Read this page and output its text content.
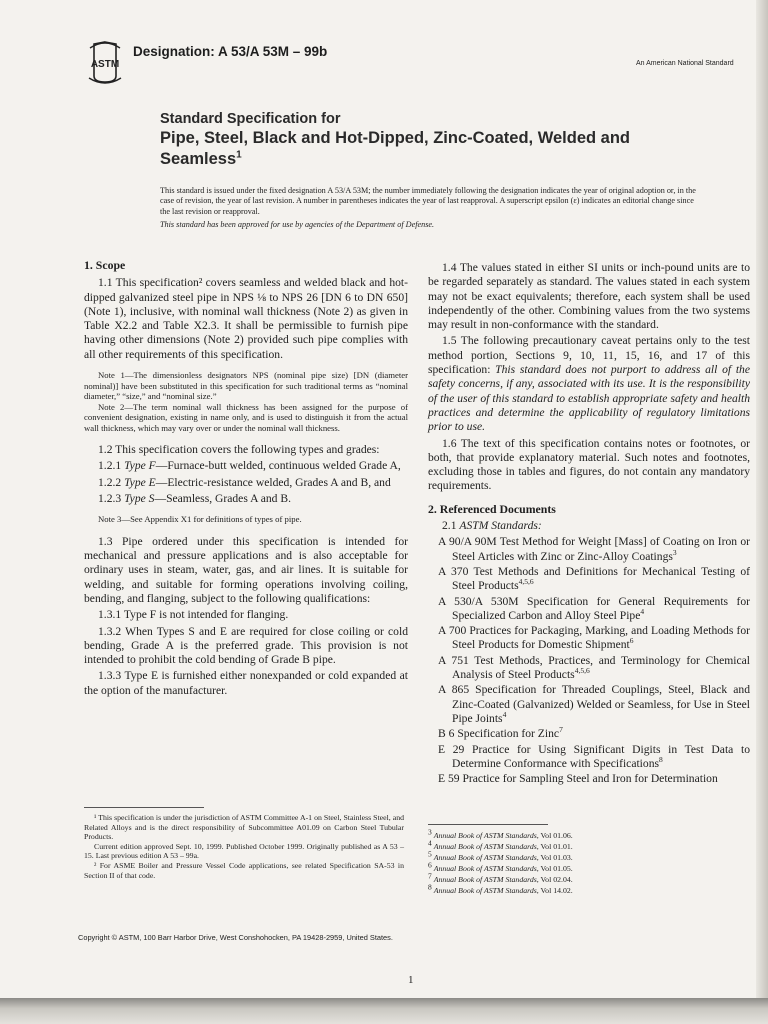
ASTM
Designation: A 53/A 53M – 99b
An American National Standard
Standard Specification for
Pipe, Steel, Black and Hot-Dipped, Zinc-Coated, Welded and
Seamless$^1$
This standard is issued under the fixed designation A 53/A 53M; the number immediately following the designation indicates the year of original adoption or, in the case of revision, the year of last revision. A number in parentheses indicates the year of last reapproval. A superscript epsilon (ε) indicates an editorial change since the last revision or reapproval.
This standard has been approved for use by agencies of the Department of Defense.
1. Scope

1.1 This specification² covers seamless and welded black and hot-dipped galvanized steel pipe in NPS ⅛ to NPS 26 [DN 6 to DN 650] (Note 1), inclusive, with nominal wall thickness (Note 2) as given in Table X2.2 and Table X2.3. It shall be permissible to furnish pipe having other dimensions (Note 2) provided such pipe complies with all other requirements of this specification.

Note 1—The dimensionless designators NPS (nominal pipe size) [DN (diameter nominal)] have been substituted in this specification for such traditional terms as “nominal diameter,” “size,” and “nominal size.”
Note 2—The term nominal wall thickness has been assigned for the purpose of convenient designation, existing in name only, and is used to distinguish it from the actual wall thickness, which may vary over or under the nominal wall thickness.

1.2 This specification covers the following types and grades:

1.2.1 Type F—Furnace-butt welded, continuous welded Grade A,

1.2.2 Type E—Electric-resistance welded, Grades A and B, and

1.2.3 Type S—Seamless, Grades A and B.

Note 3—See Appendix X1 for definitions of types of pipe.

1.3 Pipe ordered under this specification is intended for mechanical and pressure applications and is also acceptable for ordinary uses in steam, water, gas, and air lines. It is suitable for welding, and suitable for forming operations involving coiling, bending, and flanging, subject to the following qualifications:

1.3.1 Type F is not intended for flanging.

1.3.2 When Types S and E are required for close coiling or cold bending, Grade A is the preferred grade. This provision is not intended to prohibit the cold bending of Grade B pipe.

1.3.3 Type E is furnished either nonexpanded or cold expanded at the option of the manufacturer.

1.4 The values stated in either SI units or inch-pound units are to be regarded separately as standard. The values stated in each system may not be exact equivalents; therefore, each system shall be used independently of the other. Combining values from the two systems may result in non-conformance with the standard.

1.5 The following precautionary caveat pertains only to the test method portion, Sections 9, 10, 11, 15, 16, and 17 of this specification: This standard does not purport to address all of the safety concerns, if any, associated with its use. It is the responsibility of the user of this standard to establish appropriate safety and health practices and determine the applicability of regulatory limitations prior to use.

1.6 The text of this specification contains notes or footnotes, or both, that provide explanatory material. Such notes and footnotes, excluding those in tables and figures, do not contain any mandatory requirements.

2. Referenced Documents

2.1 ASTM Standards:

A 90/A 90M Test Method for Weight [Mass] of Coating on Iron or Steel Articles with Zinc or Zinc-Alloy Coatings$^3$
A 370 Test Methods and Definitions for Mechanical Testing of Steel Products$^{4,5,6}$
A 530/A 530M Specification for General Requirements for Specialized Carbon and Alloy Steel Pipe$^4$
A 700 Practices for Packaging, Marking, and Loading Methods for Steel Products for Domestic Shipment$^6$
A 751 Test Methods, Practices, and Terminology for Chemical Analysis of Steel Products$^{4,5,6}$
A 865 Specification for Threaded Couplings, Steel, Black and Zinc-Coated (Galvanized) Welded or Seamless, for Use in Steel Pipe Joints$^4$
B 6 Specification for Zinc$^7$
E 29 Practice for Using Significant Digits in Test Data to Determine Conformance with Specifications$^8$
E 59 Practice for Sampling Steel and Iron for Determination

¹ This specification is under the jurisdiction of ASTM Committee A-1 on Steel, Stainless Steel, and Related Alloys and is the direct responsibility of Subcommittee A01.09 on Carbon Steel Tubular Products.

Current edition approved Sept. 10, 1999. Published October 1999. Originally published as A 53 – 15. Last previous edition A 53 – 99a.

² For ASME Boiler and Pressure Vessel Code applications, see related Specification SA-53 in Section II of that code.

$^3$ Annual Book of ASTM Standards, Vol 01.06.
$^4$ Annual Book of ASTM Standards, Vol 01.01.
$^5$ Annual Book of ASTM Standards, Vol 01.03.
$^6$ Annual Book of ASTM Standards, Vol 01.05.
$^7$ Annual Book of ASTM Standards, Vol 02.04.
$^8$ Annual Book of ASTM Standards, Vol 14.02.
Copyright © ASTM, 100 Barr Harbor Drive, West Conshohocken, PA 19428-2959, United States.
1
